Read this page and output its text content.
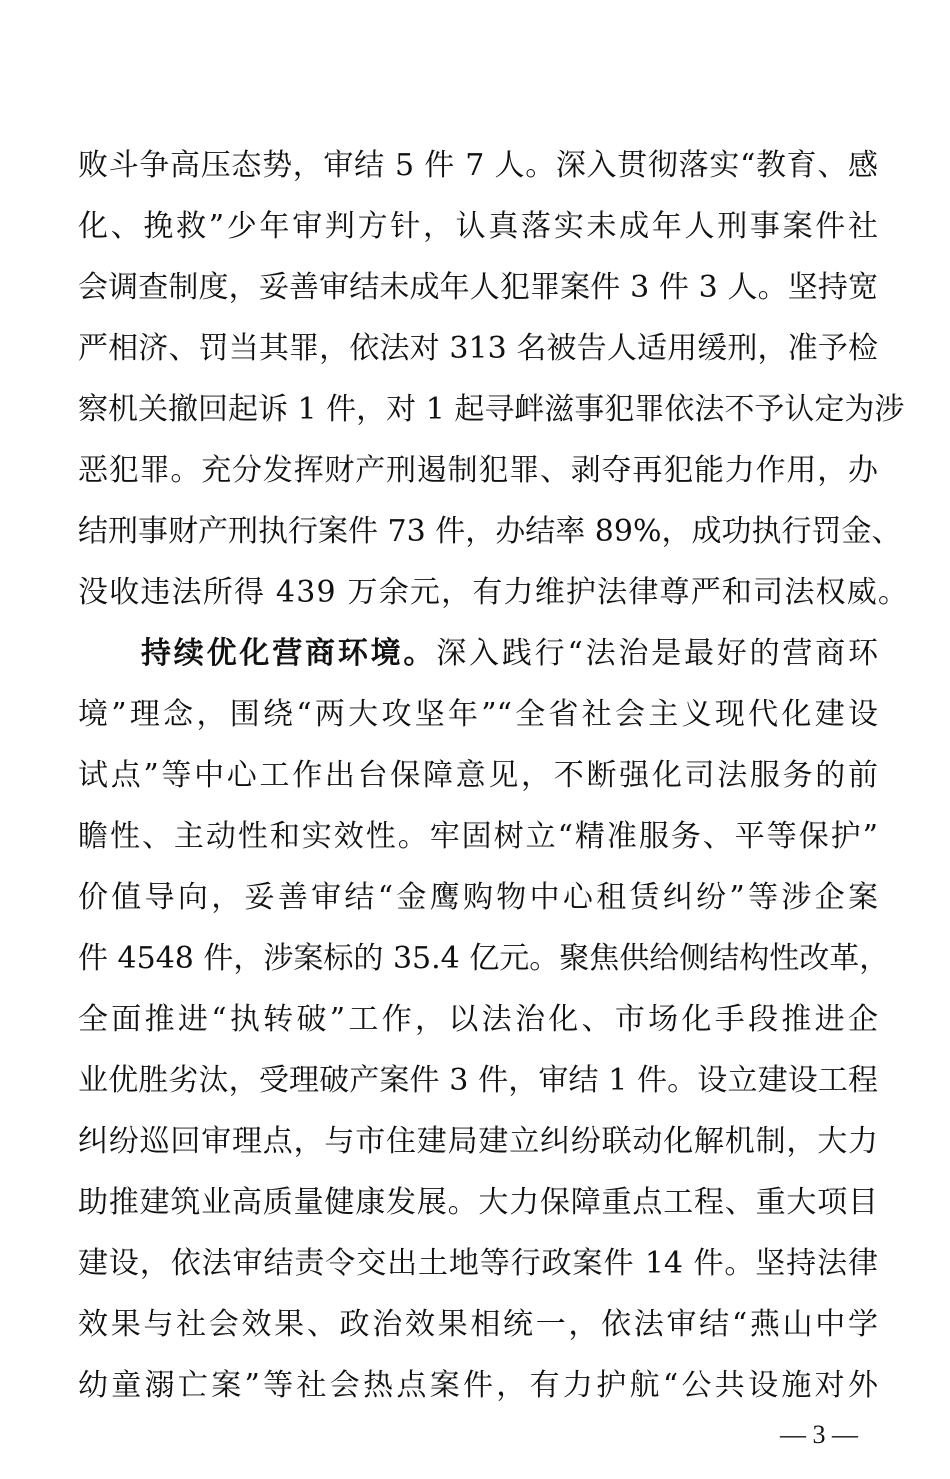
败斗争高压态势，审结 5 件 7 人。深入贯彻落实“教育、感
化、挽救”少年审判方针，认真落实未成年人刑事案件社
会调查制度，妥善审结未成年人犯罪案件 3 件 3 人。坚持宽
严相济、罚当其罪，依法对 313 名被告人适用缓刑，准予检
察机关撤回起诉 1 件，对 1 起寻衅滋事犯罪依法不予认定为涉
恶犯罪。充分发挥财产刑遏制犯罪、剥夺再犯能力作用，办
结刑事财产刑执行案件 73 件，办结率 89%，成功执行罚金、
没收违法所得 439 万余元，有力维护法律尊严和司法权威。
持续优化营商环境。深入践行“法治是最好的营商环
境”理念，围绕“两大攻坚年”“全省社会主义现代化建设
试点”等中心工作出台保障意见，不断强化司法服务的前
瞻性、主动性和实效性。牢固树立“精准服务、平等保护”
价值导向，妥善审结“金鹰购物中心租赁纠纷”等涉企案
件 4548 件，涉案标的 35.4 亿元。聚焦供给侧结构性改革，
全面推进“执转破”工作，以法治化、市场化手段推进企
业优胜劣汰，受理破产案件 3 件，审结 1 件。设立建设工程
纠纷巡回审理点，与市住建局建立纠纷联动化解机制，大力
助推建筑业高质量健康发展。大力保障重点工程、重大项目
建设，依法审结责令交出土地等行政案件 14 件。坚持法律
效果与社会效果、政治效果相统一，依法审结“燕山中学
幼童溺亡案”等社会热点案件，有力护航“公共设施对外
— 3 —
